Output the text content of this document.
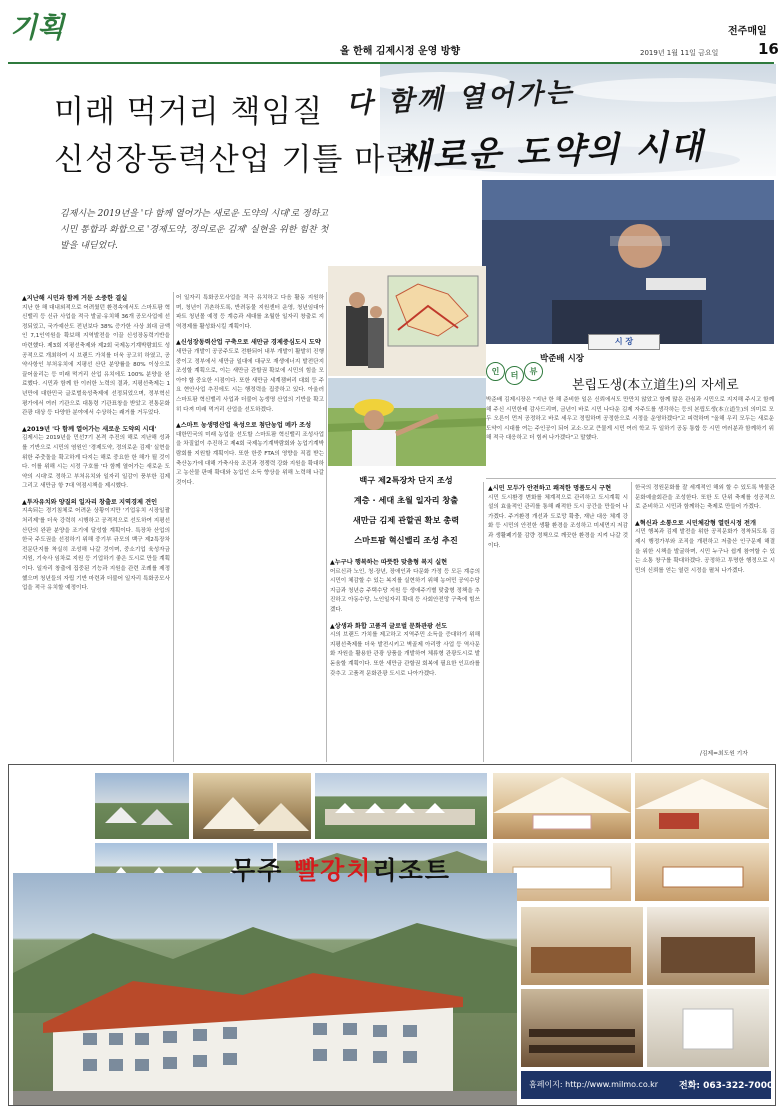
기획
올 한해 김제시정 운영 방향
전주매일
2019년 1월 11일 금요일	16
다 함께 열어가는
새로운 도약의 시대
미래 먹거리 책임질
신성장동력산업 기틀 마련
김제시는 2019년을 '다 함께 열어가는 새로운 도약의 시대'로 정하고 시민 통합과 화합으로 '경제도약, 정의로운 김제' 실현을 위한 힘찬 첫발을 내딛었다.
시 장
백구 제2특장차 단지 조성
계층 · 세대 초월 일자리 창출
새만금 김제 관할권 확보 총력
스마트팜 혁신밸리 조성 추진
인	터	뷰
박준배 시장
본립도생(本立道生)의 자세로
박준배 김제시장은 "지난 한 해 준비한 일은 신뢰에서도 만만치 않았고 함께 많은 관심과 시민으로 지지해 주시고 함께해 주신 시민한테 감사드리며, 금년이 바로 시민 나다운 김제 자주도를 생각하는 등의 본립도생(本立道生)의 의미로 모두 오른이 먼저 공정하고 바로 세우고 정립하며 공정한으로 시정을 운영하겠다"고 피력하며 "올해 우리 모두는 새로운 도약이 시대를 여는 주인공이 되어 교소·모교 큰물게 시민 여러 학교 두 일하기 공동 통합 등 시민 여러분과 함께하기 위해 적극 대응하고 더 힘써 나가겠다"고 말했다.
▲지난해 시민과 함께 거둔 소중한 결실
지난 한 해 대내외적으로 어려웠던 환경속에서도 스마트팜 혁신밸리 등 신규 사업을 적극 발굴·유치해 36개 공모사업에 선정되었고, 국가예산도 전년보다 38% 증가한 사상 최대 금액인 7,1인억원을 확보해 지역발전을 이끌 신성장동력기반을 마련했다. 제3회 지평선축제와 제2회 국제농기계박람회도 성공적으로 개최하여 시 브랜드 가치를 더욱 공고히 하였고, 공약사항인 부처유치에 지평선 산단 분양률을 80% 이상으로 끌어올리는 등 미래 먹거리 산업 유치에도 100% 분양을 완료했다. 시민과 함께 한 이러한 노력의 결과, 지평선축제는 1년만에 대한민국 글로벌육성축제에 선정되었으며, 정부혁신평가에서 여러 기관으로 대통령 기관표창을 받았고 전통문화관광 대상 등 다양한 분야에서 수상하는 쾌거를 거두었다.
▲2019년 '다 함께 열어가는 새로운 도약의 시대'
김제시는 2019년을 민선7기 본격 추진의 해로 지난해 성과를 기반으로 시민의 염원인 '경제도약, 정의로운 김제' 실현을 위한 주춧돌을 확고하게 다지는 해로 중요한 한 해가 될 것이다. 이를 위해 시는 시정 구호를 '다 함께 열어가는 새로운 도약의 시대'로 정하고 부처유치와 일자리 일감이 풍부한 김제 그리고 새만금 항 7대 역점시책을 제시했다.
▲투자유치와 양질의 일자리 창출로 지역경제 견인
지속되는 경기침체로 어려운 상황이지만 '기업유치 시장일괄처리제'를 더욱 강력히 시행하고 공격적으로 선도하여 지평선산단의 완판 분양을 조기에 달성할 계획이다. 특장차 산업의 한국 주도권을 선점하기 위해 중기부 규모의 백구 제2특장차 전문단지를 착실히 조성해 나갈 것이며, 중소기업 육성자금 지원, 기숙사 임차료 지원 등 기업하기 좋은 도시로 만들 계획이다. 일자리 창출에 집중된 기능과 지원을 관련 조례를 제정했으며 청년들의 자립 기반 마련과 더불어 일자리 특화공모사업을 적극 유치할 예정이다.
어 일자리 특화공모사업을 적극 유치하고 다음 활동 지원하며, 청년이 귀촌하도록, 반려동물 지원센터 운영, 청년임대아파트 청년몰 예정 등 계층과 세대를 초월한 일자리 창출로 지역경제를 활성화시킬 계획이다.
▲신성장동력산업 구축으로 새만금 경제중심도시 도약
새만금 개발이 공공주도로 전환되어 내부 개발이 활발히 진행 중이고 정부에서 새만금 일대에 대규모 재생에너지 발전단지 조성할 계획으로, 이는 새만금 관할권 확보에 시민의 힘을 모아야 할 중요한 시점이다. 또한 새만금 세계잼버리 대회 등 주요 현안사업 추진에도 시는 행정력을 집중하고 있다. 아울러 스마트팜 혁신밸리 사업과 더불어 농생명 산업의 기반을 확고히 다져 미래 먹거리 산업을 선도하겠다.
▲스마트 농생명산업 육성으로 첨단농업 메카 조성
대한민국의 미래 농업을 선도할 스마트팜 혁신밸리 조성사업을 차질없이 추진하고 제4회 국제농기계박람회와 농업기계박람회를 지원할 계획이다. 또한 한중 FTA의 영향을 직접 받는 축산농가에 대해 가축사육 조건과 경쟁력 강화 지원을 확대하고 농산물 판매 확대와 농업인 소득 향상을 위해 노력해 나갈 것이다.
▲누구나 행복하는 따뜻한 맞춤형 복지 실현
어르신과 노인, 청·장년, 장애인과 다문화 가정 등 모든 계층의 시민이 체감할 수 있는 복지를 실현하기 위해 농어민 공익수당 지급과 청년층 주택수당 지원 등 생애주기별 맞춤형 정책을 추진하고 아동수당, 노인일자리 확대 등 사회안전망 구축에 힘쓰겠다.
▲상생과 화합 고품격 글로벌 문화관광 선도
시의 브랜드 가치를 제고하고 지역주민 소득을 증대하기 위해 지평선축제를 더욱 발전시키고 벽골제 아리랑 사업 등 역사문화 자원을 활용한 관광 상품을 개발하여 체류형 관광도시로 발돋움할 계획이다. 또한 새만금 관할권 회복에 필요한 인프라를 갖추고 고품격 문화관광 도시로 나아가겠다.
▲시민 모두가 안전하고 쾌적한 명품도시 구현
시민 도시환경 변화를 체계적으로 관리하고 도시계획 시설의 효율적인 관리를 통해 쾌적한 도시 공간을 만들어 나가겠다. 주거환경 개선과 도로망 확충, 재난 대응 체계 강화 등 시민의 안전한 생활 환경을 조성하고 미세먼지 저감과 생활폐기물 감량 정책으로 깨끗한 환경을 지켜 나갈 것이다.
한국의 정원문화를 잘 세계적인 해외 할 수 있도록 박물관 문화예술회관을 조성한다. 또한 도 단위 축제를 성공적으로 준비하고 시민과 함께하는 축제로 만들어 가겠다.
▲혁신과 소통으로 시민체감형 열린시정 전개
시민 행복과 김제 발전을 위한 공직문화가 정착되도록 김제시 행정가부와 조직을 개편하고 저출산 인구문제 해결을 위한 시책을 발굴하며, 시민 누구나 쉽게 참여할 수 있는 소통 창구를 확대하겠다. 공정하고 투명한 행정으로 시민의 신뢰를 얻는 열린 시정을 펼쳐 나가겠다.
/김제=최도원 기자
무주 빨강치리조트
홈페이지: http://www.milmo.co.kr 전화: 063-322-7000
